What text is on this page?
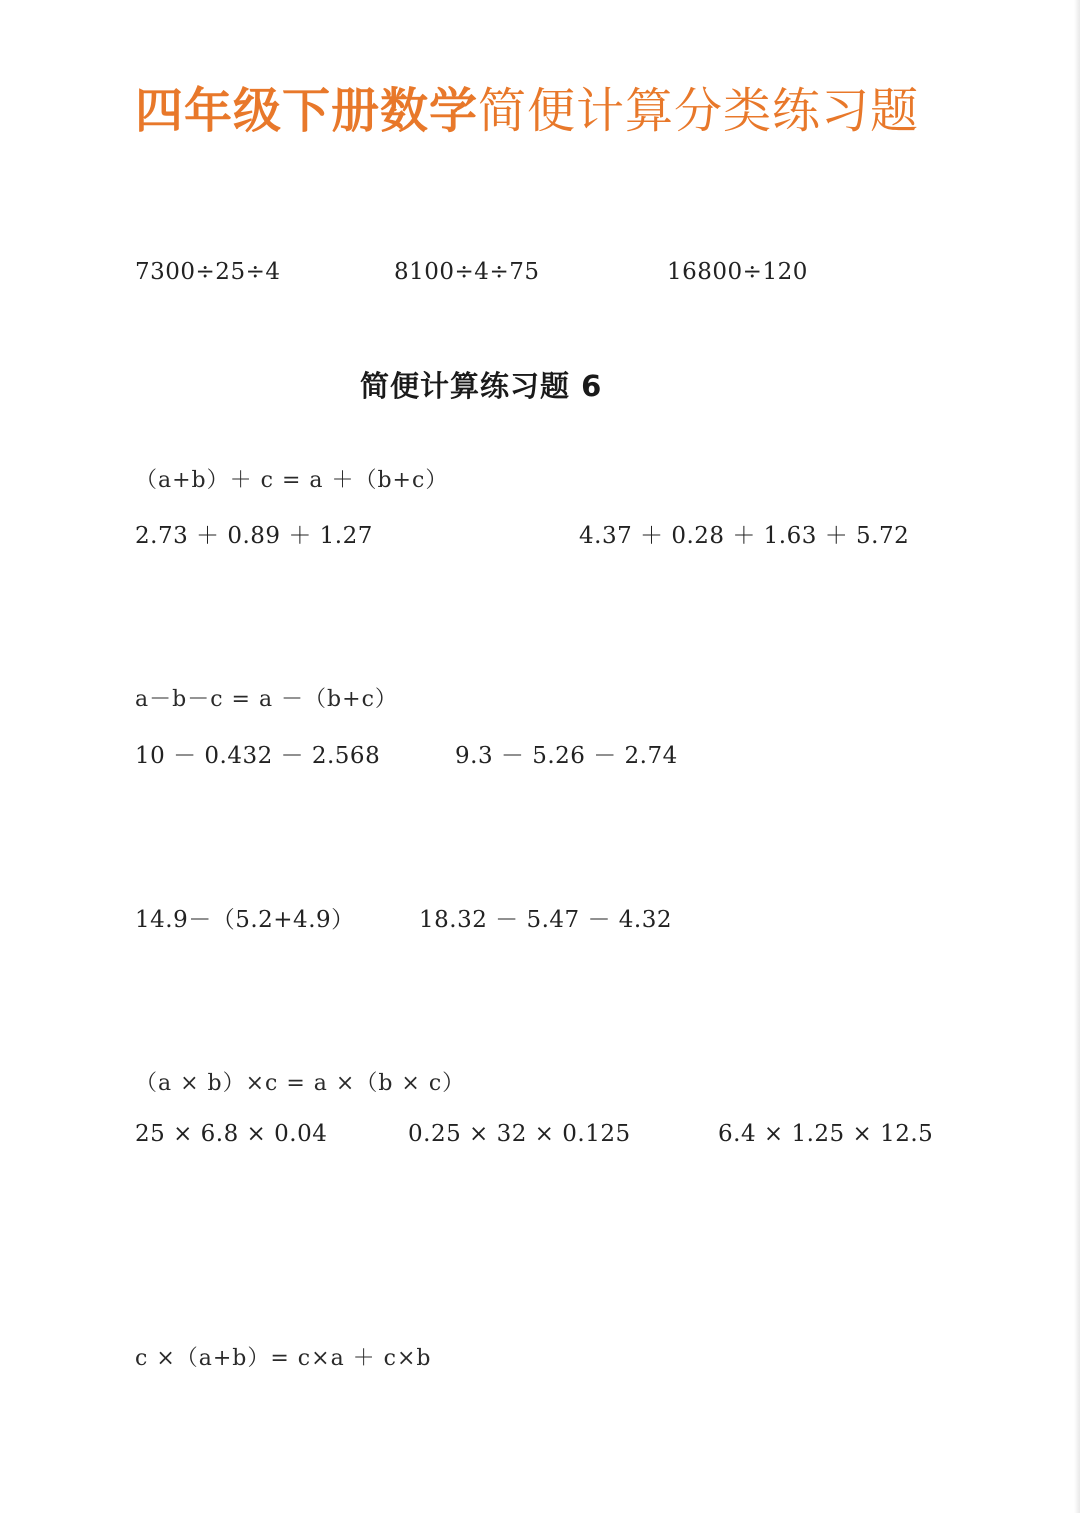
四年级下册数学简便计算分类练习题
7300÷25÷4	8100÷4÷75	16800÷120
简便计算练习题 6
（a+b）＋ c = a ＋（b+c）
2.73 ＋ 0.89 ＋ 1.27	4.37 ＋ 0.28 ＋ 1.63 ＋ 5.72
a－b－c = a －（b+c）
10 － 0.432 － 2.568	9.3 － 5.26 － 2.74
14.9－（5.2+4.9）	18.32 － 5.47 － 4.32
（a × b）×c = a ×（b × c）
25 × 6.8 × 0.04	0.25 × 32 × 0.125	6.4 × 1.25 × 12.5
c ×（a+b）= c×a ＋ c×b
